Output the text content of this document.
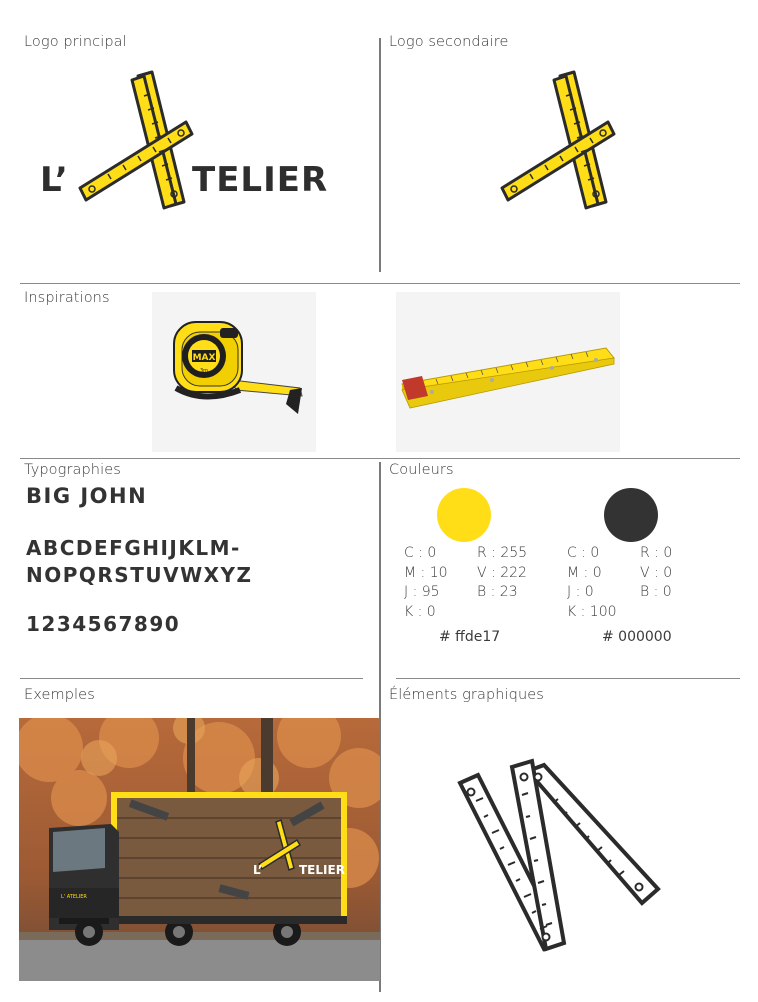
Logo principal	Logo secondaire
Inspirations
Typographies	Couleurs
Exemples	Éléments graphiques
L’	TELIER
MAX
3m
BIG JOHN
ABCDEFGHIJKLM-
NOPQRSTUVWXYZ
1234567890
C : 0
M : 10
J : 95
K : 0
R : 255
V : 222
B : 23
# ffde17
C : 0
M : 0
J : 0
K : 100
R : 0
V : 0
B : 0
# 000000
L’	TELIER
L' ATELIER
